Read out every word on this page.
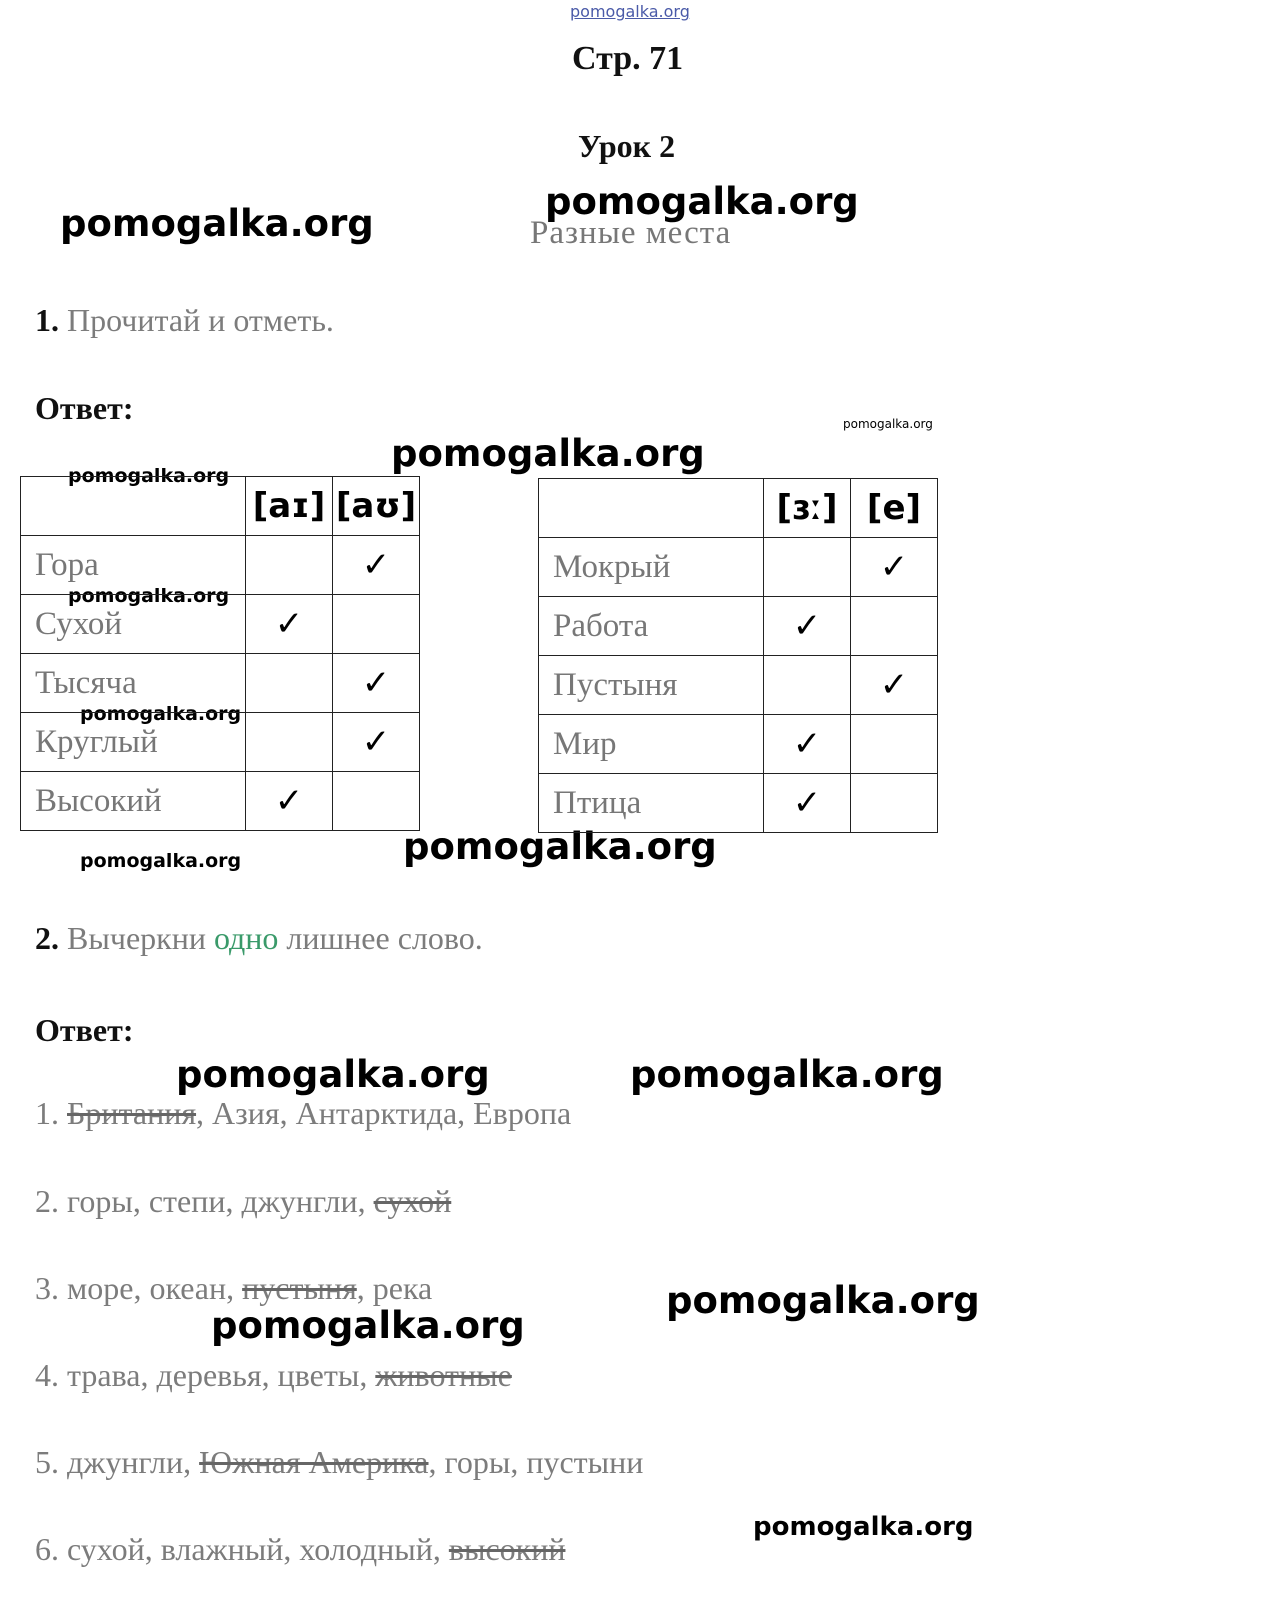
pomogalka.org
pomogalka.org
pomogalka.org
pomogalka.org
pomogalka.org
pomogalka.org
pomogalka.org
pomogalka.org
pomogalka.org	pomogalka.org
pomogalka.org	pomogalka.org
pomogalka.org
pomogalka.org
pomogalka.org
Стр. 71
Урок 2
Разные места
1. Прочитай и отметь.
Ответ:
	[aɪ]	[aʊ]
Гора		✓
Сухой	✓	
Тысяча		✓
Круглый		✓
Высокий	✓	
	[ɜː]	[e]
Мокрый		✓
Работа	✓	
Пустыня		✓
Мир	✓	
Птица	✓	
2. Вычеркни одно лишнее слово.
Ответ:
1. Британия, Азия, Антарктида, Европа
2. горы, степи, джунгли, сухой
3. море, океан, пустыня, река
4. трава, деревья, цветы, животные
5. джунгли, Южная Америка, горы, пустыни
6. сухой, влажный, холодный, высокий
